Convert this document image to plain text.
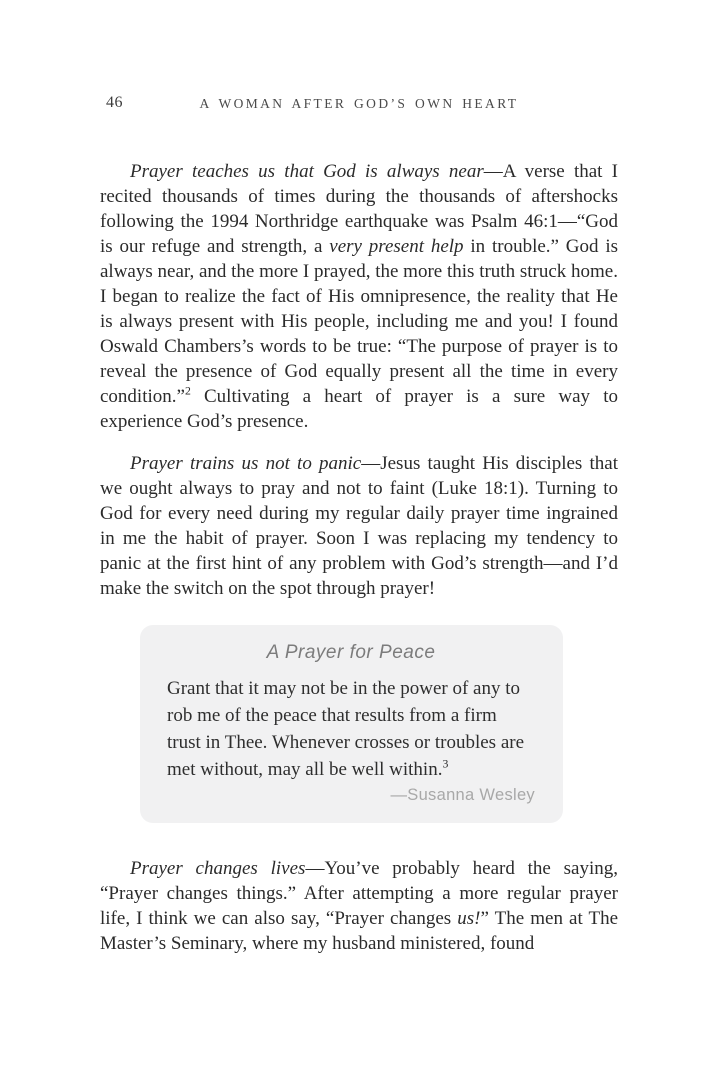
46	A WOMAN AFTER GOD’S OWN HEART

Prayer teaches us that God is always near—A verse that I recited thousands of times during the thousands of aftershocks following the 1994 Northridge earthquake was Psalm 46:1—“God is our refuge and strength, a very present help in trouble.” God is always near, and the more I prayed, the more this truth struck home. I began to realize the fact of His omnipresence, the reality that He is always present with His people, including me and you! I found Oswald Chambers’s words to be true: “The purpose of prayer is to reveal the presence of God equally present all the time in every condition.”$^2$ Cultivating a heart of prayer is a sure way to experience God’s presence.

Prayer trains us not to panic—Jesus taught His disciples that we ought always to pray and not to faint (Luke 18:1). Turning to God for every need during my regular daily prayer time ingrained in me the habit of prayer. Soon I was replacing my tendency to panic at the first hint of any problem with God’s strength—and I’d make the switch on the spot through prayer!

A Prayer for Peace

Grant that it may not be in the power of any to rob me of the peace that results from a firm trust in Thee. Whenever crosses or troubles are met without, may all be well within.$^3$

—Susanna Wesley

Prayer changes lives—You’ve probably heard the saying, “Prayer changes things.” After attempting a more regular prayer life, I think we can also say, “Prayer changes us!” The men at The Master’s Seminary, where my husband ministered, found
